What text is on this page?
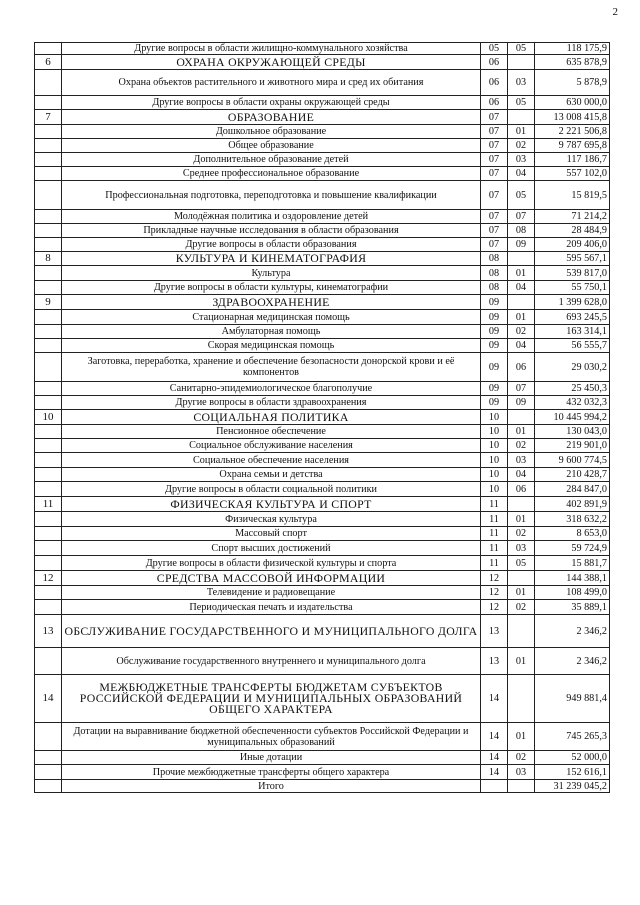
2
	Другие вопросы в области жилищно-коммунального хозяйства	05	05	118 175,9
6	ОХРАНА ОКРУЖАЮЩЕЙ СРЕДЫ	06		635 878,9
	Охрана объектов растительного и животного мира и сред их обитания	06	03	5 878,9
	Другие вопросы в области охраны окружающей среды	06	05	630 000,0
7	ОБРАЗОВАНИЕ	07		13 008 415,8
	Дошкольное образование	07	01	2 221 506,8
	Общее образование	07	02	9 787 695,8
	Дополнительное образование детей	07	03	117 186,7
	Среднее профессиональное образование	07	04	557 102,0
	Профессиональная подготовка, переподготовка и повышение квалификации	07	05	15 819,5
	Молодёжная политика и оздоровление детей	07	07	71 214,2
	Прикладные научные исследования в области образования	07	08	28 484,9
	Другие вопросы в области образования	07	09	209 406,0
8	КУЛЬТУРА И КИНЕМАТОГРАФИЯ	08		595 567,1
	Культура	08	01	539 817,0
	Другие вопросы в области культуры, кинематографии	08	04	55 750,1
9	ЗДРАВООХРАНЕНИЕ	09		1 399 628,0
	Стационарная медицинская помощь	09	01	693 245,5
	Амбулаторная помощь	09	02	163 314,1
	Скорая медицинская помощь	09	04	56 555,7
	Заготовка, переработка, хранение и обеспечение безопасности донорской крови и её компонентов	09	06	29 030,2
	Санитарно-эпидемиологическое благополучие	09	07	25 450,3
	Другие вопросы в области здравоохранения	09	09	432 032,3
10	СОЦИАЛЬНАЯ ПОЛИТИКА	10		10 445 994,2
	Пенсионное обеспечение	10	01	130 043,0
	Социальное обслуживание населения	10	02	219 901,0
	Социальное обеспечение населения	10	03	9 600 774,5
	Охрана семьи и детства	10	04	210 428,7
	Другие вопросы в области социальной политики	10	06	284 847,0
11	ФИЗИЧЕСКАЯ КУЛЬТУРА И СПОРТ	11		402 891,9
	Физическая культура	11	01	318 632,2
	Массовый спорт	11	02	8 653,0
	Спорт высших достижений	11	03	59 724,9
	Другие вопросы в области физической культуры и спорта	11	05	15 881,7
12	СРЕДСТВА МАССОВОЙ ИНФОРМАЦИИ	12		144 388,1
	Телевидение и радиовещание	12	01	108 499,0
	Периодическая печать и издательства	12	02	35 889,1
13	ОБСЛУЖИВАНИЕ ГОСУДАРСТВЕННОГО И МУНИЦИПАЛЬНОГО ДОЛГА	13		2 346,2
	Обслуживание государственного внутреннего и муниципального долга	13	01	2 346,2
14	МЕЖБЮДЖЕТНЫЕ ТРАНСФЕРТЫ БЮДЖЕТАМ СУБЪЕКТОВ РОССИЙСКОЙ ФЕДЕРАЦИИ И МУНИЦИПАЛЬНЫХ ОБРАЗОВАНИЙ ОБЩЕГО ХАРАКТЕРА	14		949 881,4
	Дотации на выравнивание бюджетной обеспеченности субъектов Российской Федерации и муниципальных образований	14	01	745 265,3
	Иные дотации	14	02	52 000,0
	Прочие межбюджетные трансферты общего характера	14	03	152 616,1
	Итого			31 239 045,2
